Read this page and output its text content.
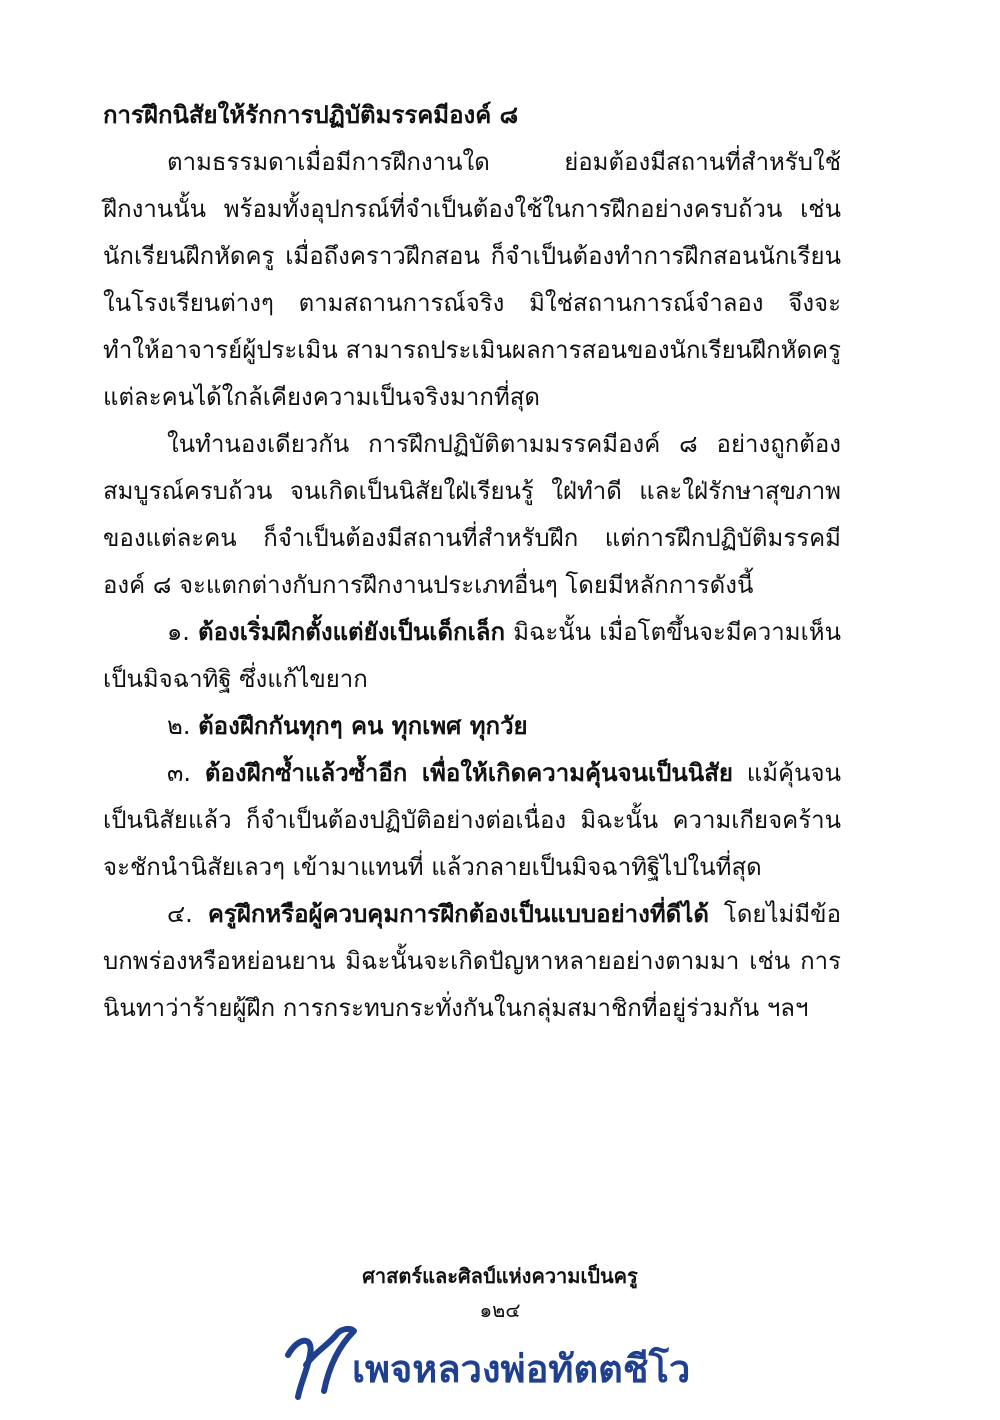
การฝึกนิสัยให้รักการปฏิบัติมรรคมีองค์ ๘

ตามธรรมดาเมื่อมีการฝึกงานใด ย่อมต้องมีสถานที่สำหรับใช้ฝึกงานนั้น พร้อมทั้งอุปกรณ์ที่จำเป็นต้องใช้ในการฝึกอย่างครบถ้วน เช่น นักเรียนฝึกหัดครู เมื่อถึงคราวฝึกสอน ก็จำเป็นต้องทำการฝึกสอนนักเรียนในโรงเรียนต่างๆ ตามสถานการณ์จริง มิใช่สถานการณ์จำลอง จึงจะทำให้อาจารย์ผู้ประเมิน สามารถประเมินผลการสอนของนักเรียนฝึกหัดครูแต่ละคนได้ใกล้เคียงความเป็นจริงมากที่สุด

ในทำนองเดียวกัน การฝึกปฏิบัติตามมรรคมีองค์ ๘ อย่างถูกต้องสมบูรณ์ครบถ้วน จนเกิดเป็นนิสัยใฝ่เรียนรู้ ใฝ่ทำดี และใฝ่รักษาสุขภาพของแต่ละคน ก็จำเป็นต้องมีสถานที่สำหรับฝึก แต่การฝึกปฏิบัติมรรคมีองค์ ๘ จะแตกต่างกับการฝึกงานประเภทอื่นๆ โดยมีหลักการดังนี้

๑. ต้องเริ่มฝึกตั้งแต่ยังเป็นเด็กเล็ก มิฉะนั้น เมื่อโตขึ้นจะมีความเห็นเป็นมิจฉาทิฐิ ซึ่งแก้ไขยาก

๒. ต้องฝึกกันทุกๆ คน ทุกเพศ ทุกวัย

๓. ต้องฝึกซ้ำแล้วซ้ำอีก เพื่อให้เกิดความคุ้นจนเป็นนิสัย แม้คุ้นจนเป็นนิสัยแล้ว ก็จำเป็นต้องปฏิบัติอย่างต่อเนื่อง มิฉะนั้น ความเกียจคร้านจะชักนำนิสัยเลวๆ เข้ามาแทนที่ แล้วกลายเป็นมิจฉาทิฐิไปในที่สุด

๔. ครูฝึกหรือผู้ควบคุมการฝึกต้องเป็นแบบอย่างที่ดีได้ โดยไม่มีข้อบกพร่องหรือหย่อนยาน มิฉะนั้นจะเกิดปัญหาหลายอย่างตามมา เช่น การนินทาว่าร้ายผู้ฝึก การกระทบกระทั่งกันในกลุ่มสมาชิกที่อยู่ร่วมกัน ฯลฯ

ศาสตร์และศิลป์แห่งความเป็นครู
๑๒๔
เพจหลวงพ่อทัตตชีโว
